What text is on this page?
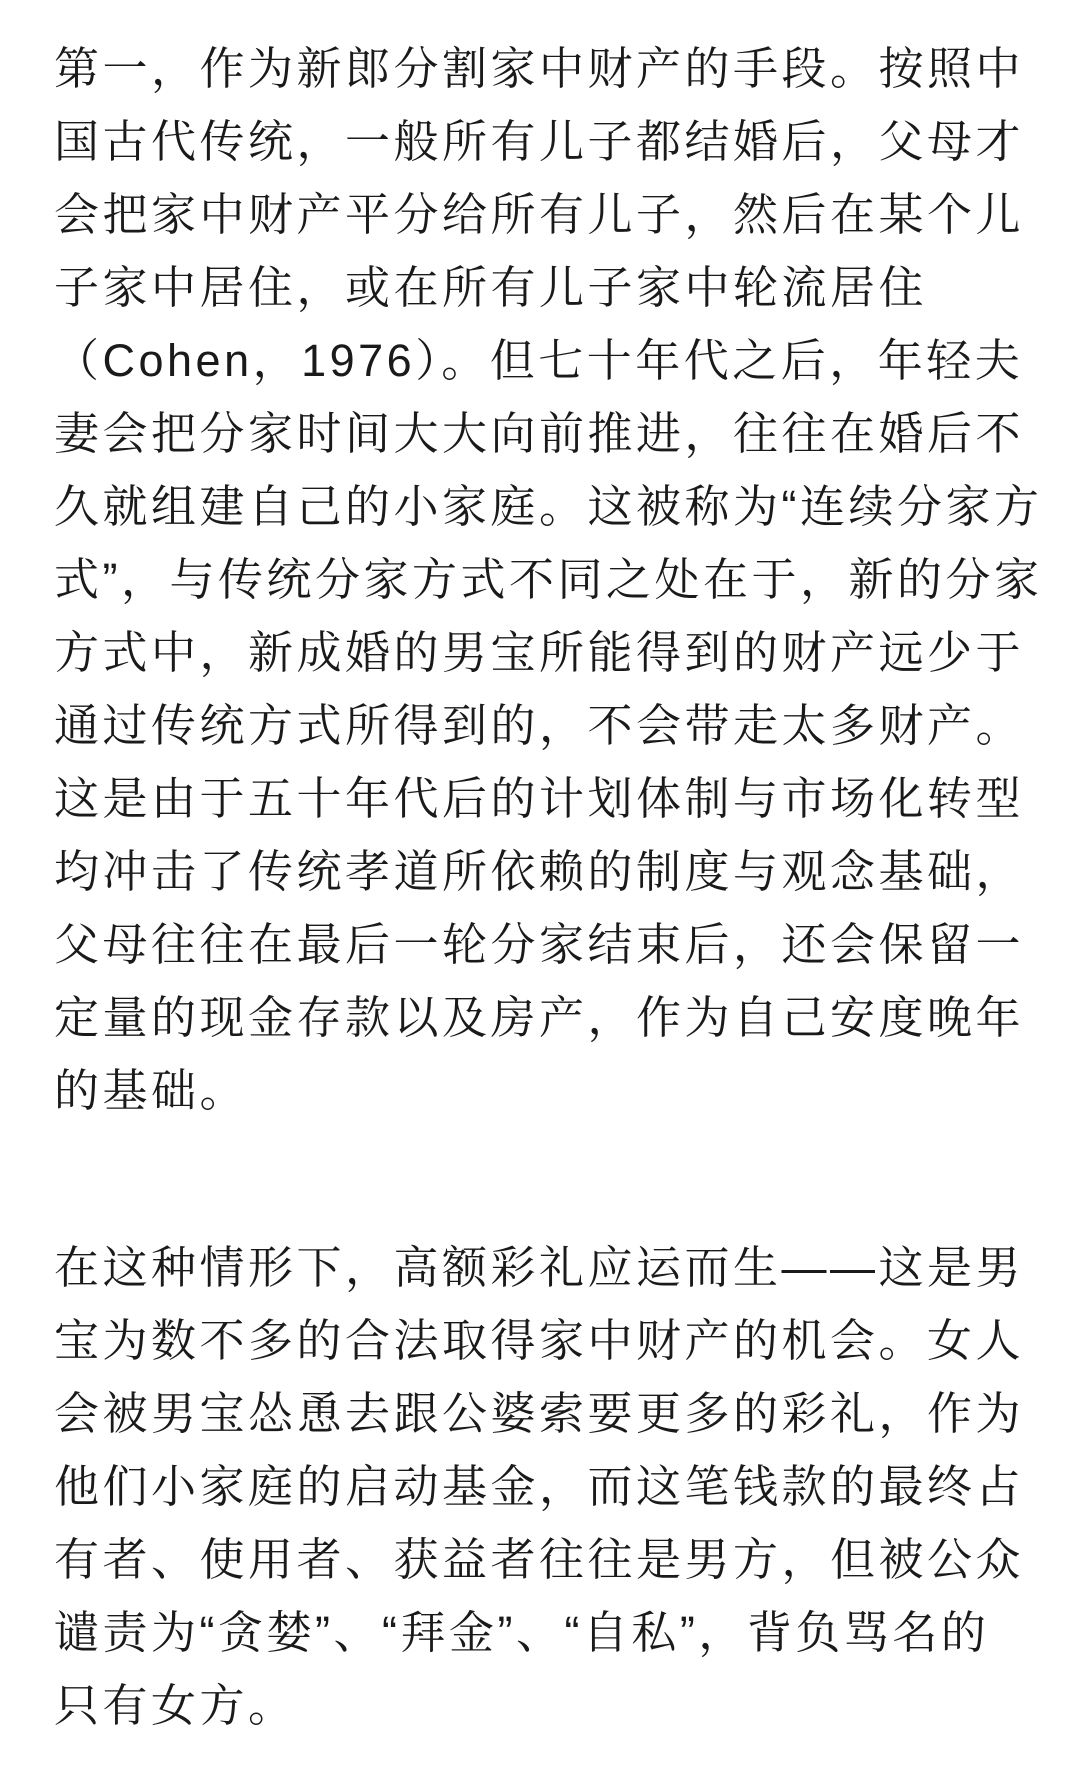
第一，作为新郎分割家中财产的手段。按照中
国古代传统，一般所有儿子都结婚后，父母才
会把家中财产平分给所有儿子，然后在某个儿
子家中居住，或在所有儿子家中轮流居住
（Cohen，1976）。但七十年代之后，年轻夫
妻会把分家时间大大向前推进，往往在婚后不
久就组建自己的小家庭。这被称为“连续分家方
式”，与传统分家方式不同之处在于，新的分家
方式中，新成婚的男宝所能得到的财产远少于
通过传统方式所得到的，不会带走太多财产。
这是由于五十年代后的计划体制与市场化转型
均冲击了传统孝道所依赖的制度与观念基础，
父母往往在最后一轮分家结束后，还会保留一
定量的现金存款以及房产，作为自己安度晚年
的基础。
在这种情形下，高额彩礼应运而生——这是男
宝为数不多的合法取得家中财产的机会。女人
会被男宝怂恿去跟公婆索要更多的彩礼，作为
他们小家庭的启动基金，而这笔钱款的最终占
有者、使用者、获益者往往是男方，但被公众
谴责为“贪婪”、“拜金”、“自私”，背负骂名的
只有女方。
